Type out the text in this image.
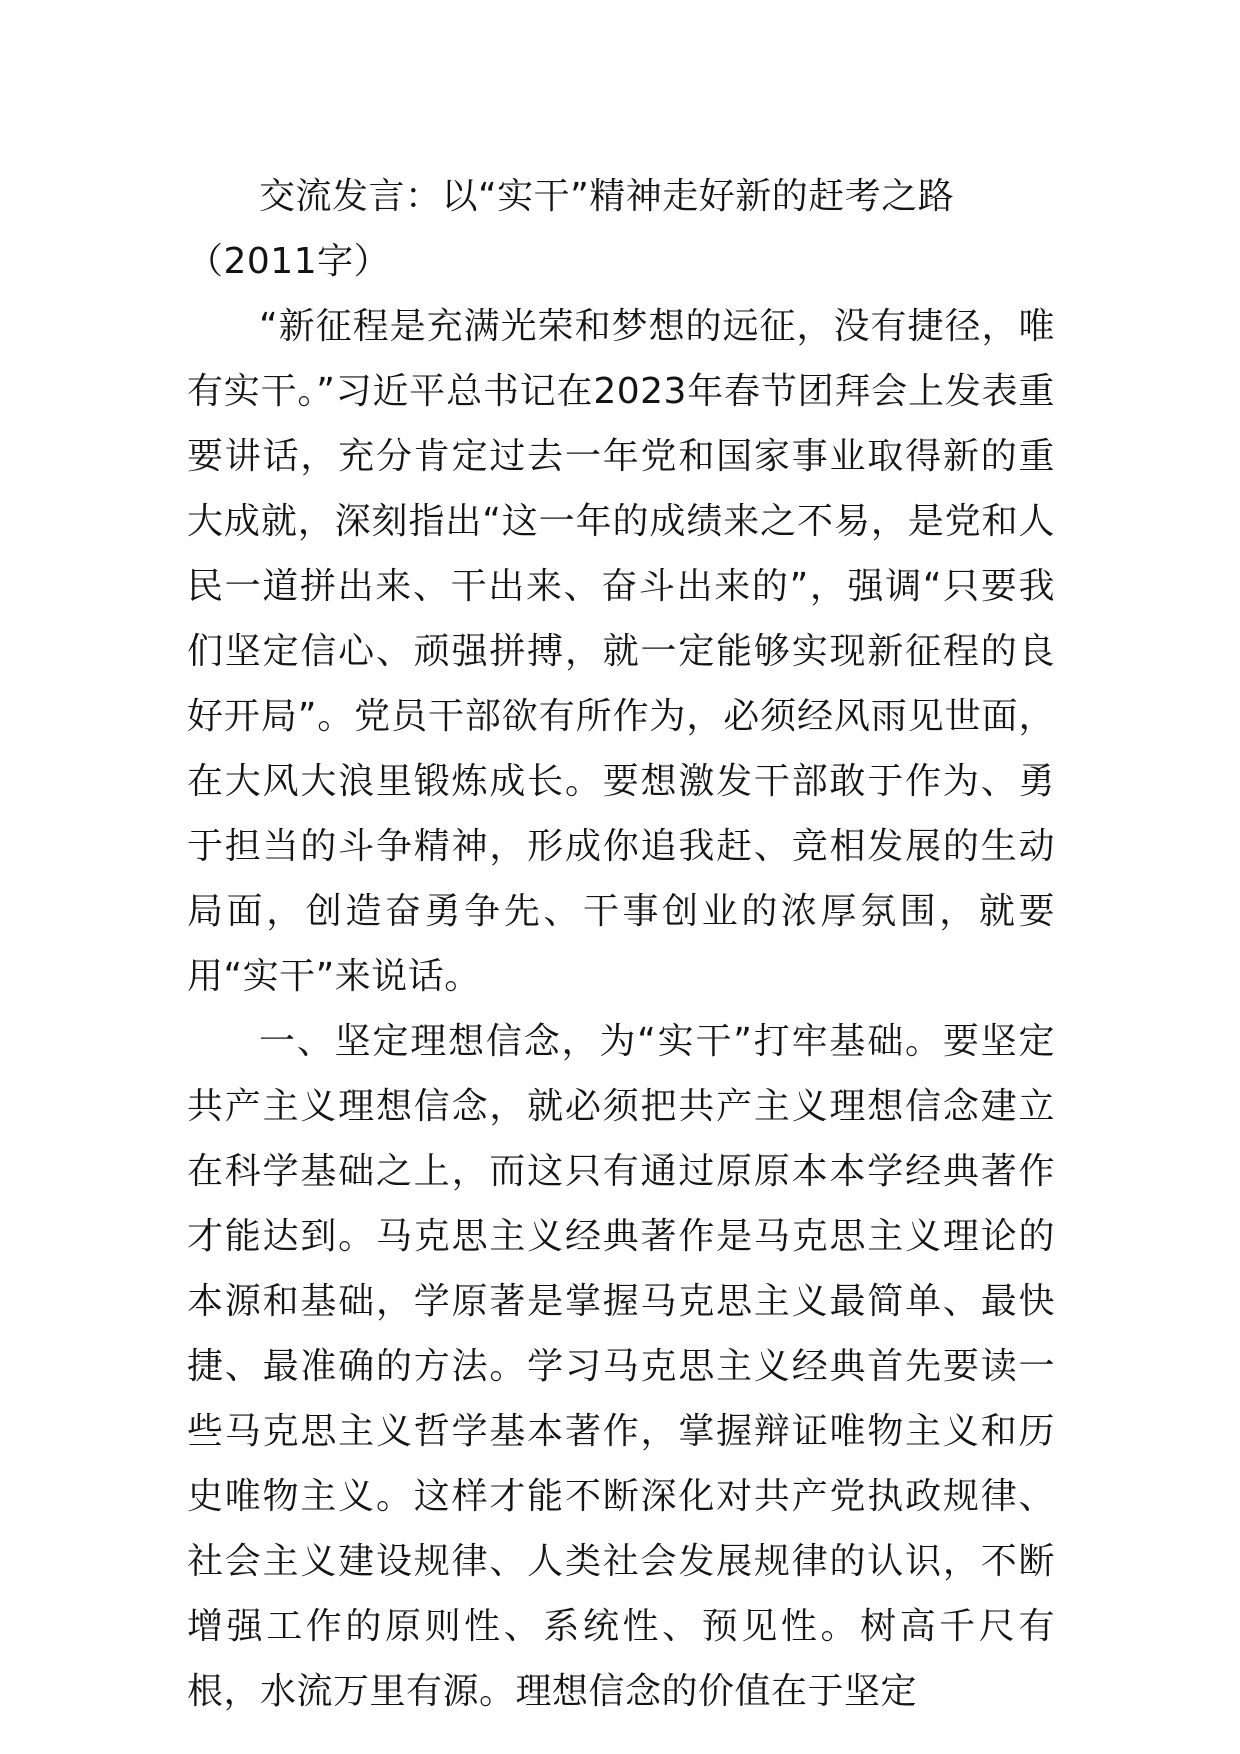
交流发言：以“实干”精神走好新的赶考之路（2011字）

“新征程是充满光荣和梦想的远征，没有捷径，唯有实干。”习近平总书记在2023年春节团拜会上发表重要讲话，充分肯定过去一年党和国家事业取得新的重大成就，深刻指出“这一年的成绩来之不易，是党和人民一道拼出来、干出来、奋斗出来的”，强调“只要我们坚定信心、顽强拼搏，就一定能够实现新征程的良好开局”。党员干部欲有所作为，必须经风雨见世面，在大风大浪里锻炼成长。要想激发干部敢于作为、勇于担当的斗争精神，形成你追我赶、竞相发展的生动局面，创造奋勇争先、干事创业的浓厚氛围，就要用“实干”来说话。

一、坚定理想信念，为“实干”打牢基础。要坚定共产主义理想信念，就必须把共产主义理想信念建立在科学基础之上，而这只有通过原原本本学经典著作才能达到。马克思主义经典著作是马克思主义理论的本源和基础，学原著是掌握马克思主义最简单、最快捷、最准确的方法。学习马克思主义经典首先要读一些马克思主义哲学基本著作，掌握辩证唯物主义和历史唯物主义。这样才能不断深化对共产党执政规律、社会主义建设规律、人类社会发展规律的认识，不断增强工作的原则性、系统性、预见性。树高千尺有根，水流万里有源。理想信念的价值在于坚定
